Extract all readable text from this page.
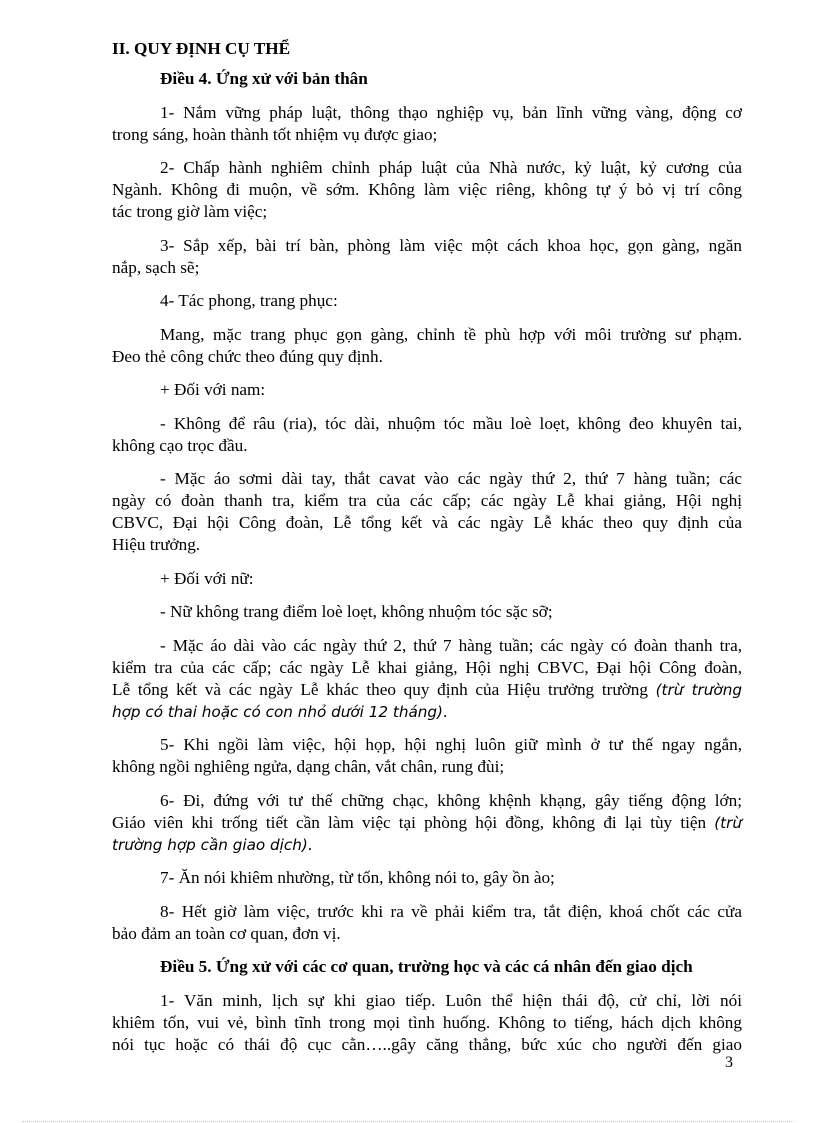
II. QUY ĐỊNH CỤ THỂ
Điều 4. Ứng xử với bản thân
1- Nắm vững pháp luật, thông thạo nghiệp vụ, bản lĩnh vững vàng, động cơ
trong sáng, hoàn thành tốt nhiệm vụ được giao;
2- Chấp hành nghiêm chỉnh pháp luật của Nhà nước, kỷ luật, kỷ cương của
Ngành. Không đi muộn, về sớm. Không làm việc riêng, không tự ý bỏ vị trí công
tác trong giờ làm việc;
3- Sắp xếp, bài trí bàn, phòng làm việc một cách khoa học, gọn gàng, ngăn
nắp, sạch sẽ;
4- Tác phong, trang phục:
Mang, mặc trang phục gọn gàng, chỉnh tề phù hợp với môi trường sư phạm.
Đeo thẻ công chức theo đúng quy định.
+ Đối với nam:
- Không để râu (ria), tóc dài, nhuộm tóc mầu loè loẹt, không đeo khuyên tai,
không cạo trọc đầu.
- Mặc áo sơmi dài tay, thắt cavat vào các ngày thứ 2, thứ 7 hàng tuần; các
ngày có đoàn thanh tra, kiểm tra của các cấp; các ngày Lễ khai giảng, Hội nghị
CBVC, Đại hội Công đoàn, Lễ tổng kết và các ngày Lễ khác theo quy định của
Hiệu trưởng.
+ Đối với nữ:
- Nữ không trang điểm loè loẹt, không nhuộm tóc sặc sỡ;
- Mặc áo dài vào các ngày thứ 2, thứ 7 hàng tuần; các ngày có đoàn thanh tra,
kiểm tra của các cấp; các ngày Lễ khai giảng, Hội nghị CBVC, Đại hội Công đoàn,
Lễ tổng kết và các ngày Lễ khác theo quy định của Hiệu trưởng trường (trừ trường
hợp có thai hoặc có con nhỏ dưới 12 tháng).
5- Khi ngồi làm việc, hội họp, hội nghị luôn giữ mình ở tư thế ngay ngắn,
không ngồi nghiêng ngửa, dạng chân, vắt chân, rung đùi;
6- Đi, đứng với tư thế chững chạc, không khệnh khạng, gây tiếng động lớn;
Giáo viên khi trống tiết cần làm việc tại phòng hội đồng, không đi lại tùy tiện (trừ
trường hợp cần giao dịch).
7- Ăn nói khiêm nhường, từ tốn, không nói to, gây ồn ào;
8- Hết giờ làm việc, trước khi ra về phải kiểm tra, tắt điện, khoá chốt các cửa
bảo đảm an toàn cơ quan, đơn vị.
Điều 5. Ứng xử với các cơ quan, trường học và các cá nhân đến giao dịch
1- Văn minh, lịch sự khi giao tiếp. Luôn thể hiện thái độ, cử chỉ, lời nói
khiêm tốn, vui vẻ, bình tĩnh trong mọi tình huống. Không to tiếng, hách dịch không
nói tục hoặc có thái độ cục cằn…..gây căng thẳng, bức xúc cho người đến giao
3
